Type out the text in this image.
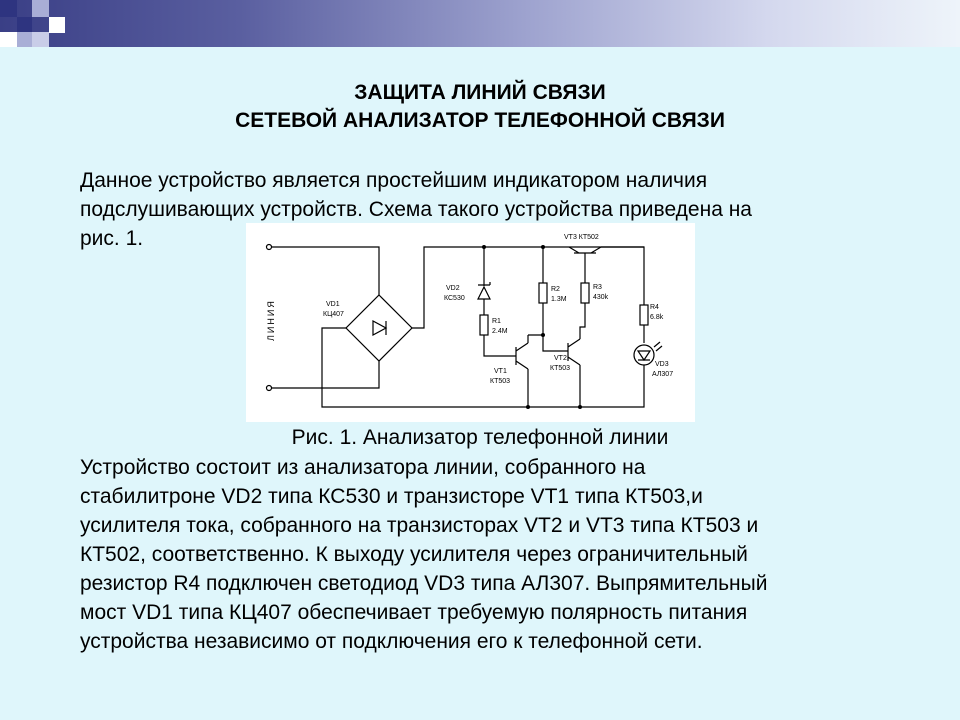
ЗАЩИТА ЛИНИЙ СВЯЗИ
СЕТЕВОЙ АНАЛИЗАТОР ТЕЛЕФОННОЙ СВЯЗИ
Данное устройство является простейшим индикатором наличия
подслушивающих устройств. Схема такого устройства приведена на
рис. 1.
ЛИНИЯ	VD1
КЦ407
VD2
КС530
R1
2.4M
VT1
КТ503
R2
1.3M
VT2
КТ503
VT3 КТ502
R3
430k
R4
6.8k
VD3
АЛ307
Рис. 1. Анализатор телефонной линии
Устройство состоит из анализатора линии, собранного на
стабилитроне VD2 типа КС530 и транзисторе VT1 типа КТ503,и
усилителя тока, собранного на транзисторах VT2 и VT3 типа КТ503 и
КТ502, соответственно. К выходу усилителя через ограничительный
резистор R4 подключен светодиод VD3 типа АЛ307. Выпрямительный
мост VD1 типа КЦ407 обеспечивает требуемую полярность питания
устройства независимо от подключения его к телефонной сети.
